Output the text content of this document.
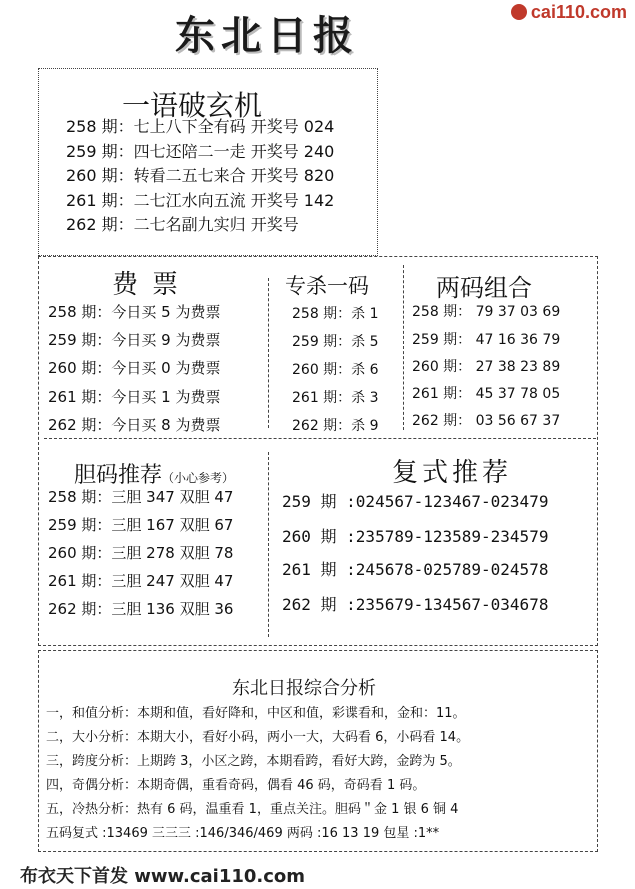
东北日报	cai110.com
一语破玄机
258 期：七上八下全有码 开奖号 024
259 期：四七还陪二一走 开奖号 240
260 期：转看二五七来合 开奖号 820
261 期：二七江水向五流 开奖号 142
262 期：二七名副九实归 开奖号
费票
258 期：今日买 5 为费票
259 期：今日买 9 为费票
260 期：今日买 0 为费票
261 期：今日买 1 为费票
262 期：今日买 8 为费票
专杀一码
258 期：杀 1
259 期：杀 5
260 期：杀 6
261 期：杀 3
262 期：杀 9
两码组合
258 期： 79 37 03 69
259 期： 47 16 36 79
260 期： 27 38 23 89
261 期： 45 37 78 05
262 期： 03 56 67 37
胆码推荐（小心参考）
258 期：三胆 347 双胆 47
259 期：三胆 167 双胆 67
260 期：三胆 278 双胆 78
261 期：三胆 247 双胆 47
262 期：三胆 136 双胆 36
复式推荐
259 期 :024567-123467-023479
260 期 :235789-123589-234579
261 期 :245678-025789-024578
262 期 :235679-134567-034678
东北日报综合分析
一，和值分析：本期和值，看好降和，中区和值，彩谍看和，金和：11。
二，大小分析：本期大小，看好小码，两小一大，大码看 6，小码看 14。
三，跨度分析：上期跨 3，小区之跨，本期看跨，看好大跨，金跨为 5。
四，奇偶分析：本期奇偶，重看奇码，偶看 46 码，奇码看 1 码。
五，冷热分析：热有 6 码，温重看 1，重点关注。胆码＂金 1 银 6 铜 4
五码复式 :13469 三三三 :146/346/469 两码 :16 13 19 包星 :1**
布衣天下首发 www.cai110.com
